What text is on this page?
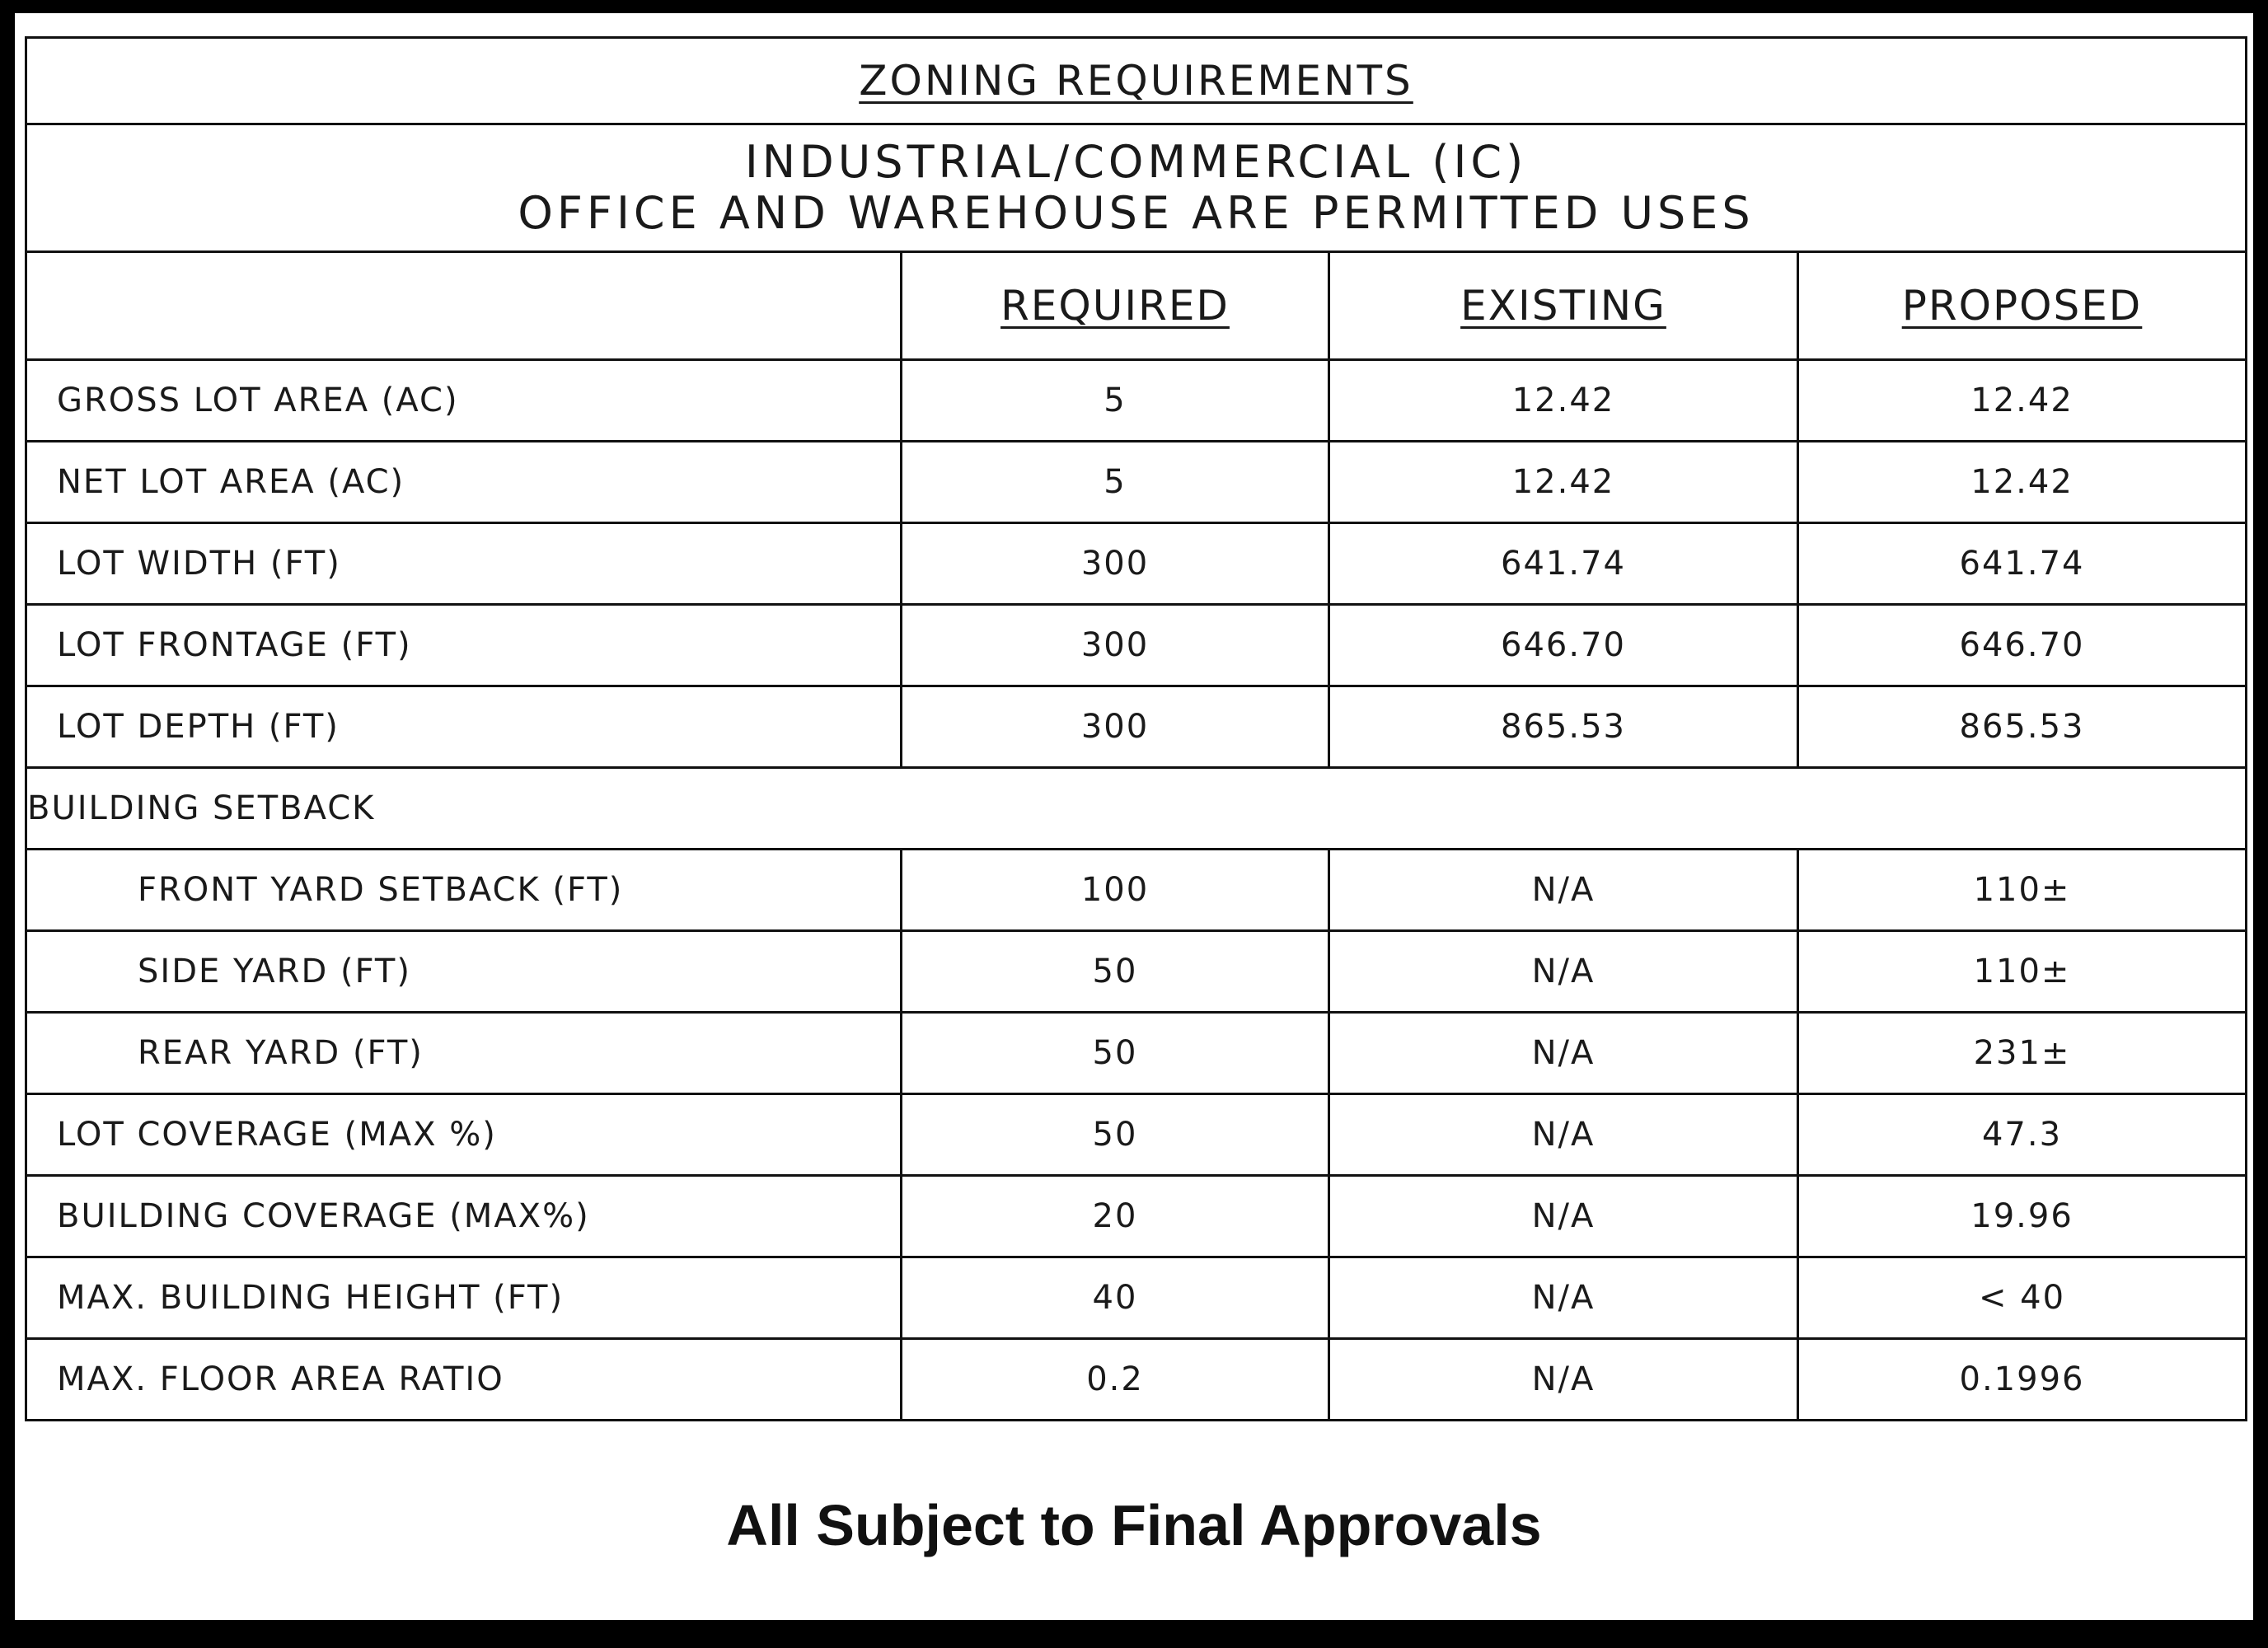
ZONING REQUIREMENTS			

INDUSTRIAL/COMMERCIAL (IC)
OFFICE AND WAREHOUSE ARE PERMITTED USES			

	REQUIRED	EXISTING	PROPOSED
GROSS LOT AREA (AC)	5	12.42	12.42
NET LOT AREA (AC)	5	12.42	12.42
LOT WIDTH (FT)	300	641.74	641.74
LOT FRONTAGE (FT)	300	646.70	646.70
LOT DEPTH (FT)	300	865.53	865.53
BUILDING SETBACK			
FRONT YARD SETBACK (FT)	100	N/A	110±
SIDE YARD (FT)	50	N/A	110±
REAR YARD (FT)	50	N/A	231±
LOT COVERAGE (MAX %)	50	N/A	47.3
BUILDING COVERAGE (MAX%)	20	N/A	19.96
MAX. BUILDING HEIGHT (FT)	40	N/A	< 40
MAX. FLOOR AREA RATIO	0.2	N/A	0.1996
All Subject to Final Approvals
